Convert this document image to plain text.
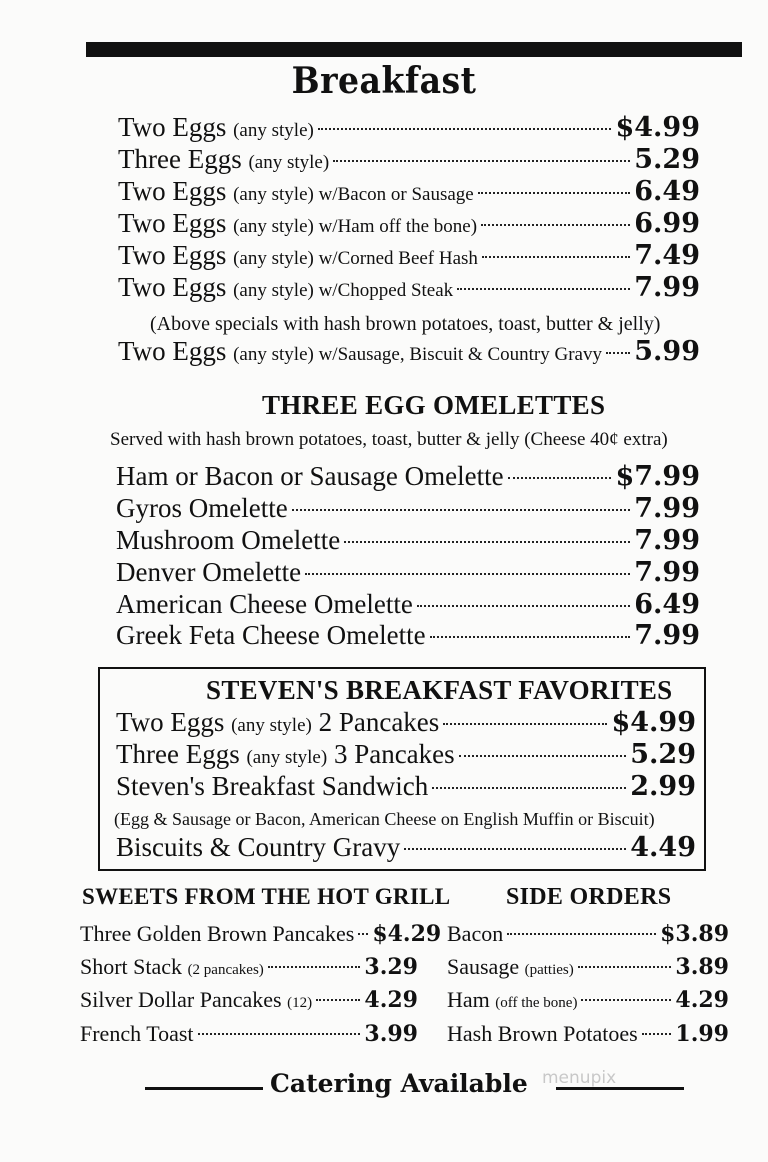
Breakfast
Two Eggs (any style)	$4.99
Three Eggs (any style)	5.29
Two Eggs (any style) w/Bacon or Sausage	6.49
Two Eggs (any style) w/Ham off the bone)	6.99
Two Eggs (any style) w/Corned Beef Hash	7.49
Two Eggs (any style) w/Chopped Steak	7.99
(Above specials with hash brown potatoes, toast, butter & jelly)
Two Eggs (any style) w/Sausage, Biscuit & Country Gravy 5.99
THREE EGG OMELETTES
Served with hash brown potatoes, toast, butter & jelly (Cheese 40¢ extra)
Ham or Bacon or Sausage Omelette	$7.99
Gyros Omelette	7.99
Mushroom Omelette	7.99
Denver Omelette	7.99
American Cheese Omelette	6.49
Greek Feta Cheese Omelette	7.99
STEVEN'S BREAKFAST FAVORITES
Two Eggs (any style) 2 Pancakes	$4.99
Three Eggs (any style) 3 Pancakes	5.29
Steven's Breakfast Sandwich	2.99
(Egg & Sausage or Bacon, American Cheese on English Muffin or Biscuit)
Biscuits & Country Gravy	4.49
SWEETS FROM THE HOT GRILL
Three Golden Brown Pancakes $4.29
Short Stack (2 pancakes)	3.29
Silver Dollar Pancakes (12) 4.29
French Toast	3.99
SIDE ORDERS
Bacon	$3.89
Sausage (patties)	3.89
Ham (off the bone)	4.29
Hash Brown Potatoes 1.99
Catering Available menupix
